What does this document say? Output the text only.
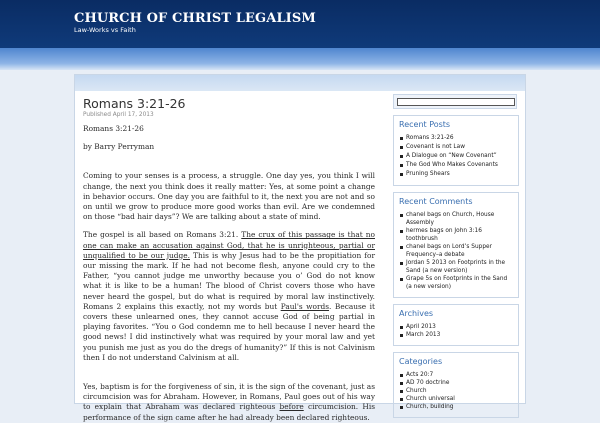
CHURCH OF CHRIST LEGALISM
Law-Works vs Faith
Romans 3:21-26
Published April 17, 2013

Romans 3:21-26

by Barry Perryman

Coming to your senses is a process, a struggle. One day yes, you think I will change, the next you think does it really matter: Yes, at some point a change in behavior occurs. One day you are faithful to it, the next you are not and so on until we grow to produce more good works than evil. Are we condemned on those “bad hair days”? We are talking about a state of mind.

The gospel is all based on Romans 3:21. The crux of this passage is that no one can make an accusation against God, that he is unrighteous, partial or unqualified to be our judge. This is why Jesus had to be the propitiation for our missing the mark. If he had not become flesh, anyone could cry to the Father, “you cannot judge me unworthy because you o’ God do not know what it is like to be a human! The blood of Christ covers those who have never heard the gospel, but do what is required by moral law instinctively. Romans 2 explains this exactly, not my words but Paul's words. Because it covers these unlearned ones, they cannot accuse God of being partial in playing favorites. “You o God condemn me to hell because I never heard the good news! I did instinctively what was required by your moral law and yet you punish me just as you do the dregs of humanity?” If this is not Calvinism then I do not understand Calvinism at all.

Yes, baptism is for the forgiveness of sin, it is the sign of the covenant, just as circumcision was for Abraham. However, in Romans, Paul goes out of his way to explain that Abraham was declared righteous before circumcision. His performance of the sign came after he had already been declared righteous.

Recent Posts
Romans 3:21-26
Covenant is not Law
A Dialogue on “New Covenant”
The God Who Makes Covenants
Pruning Shears
Recent Comments
chanel bags on Church, House Assembly
hermes bags on John 3:16 toothbrush
chanel bags on Lord’s Supper Frequency–a debate
Jordan 5 2013 on Footprints in the Sand (a new version)
Grape 5s on Footprints in the Sand (a new version)
Archives
April 2013
March 2013
Categories
Acts 20:7
AD 70 doctrine
Church
Church universal
Church, building
